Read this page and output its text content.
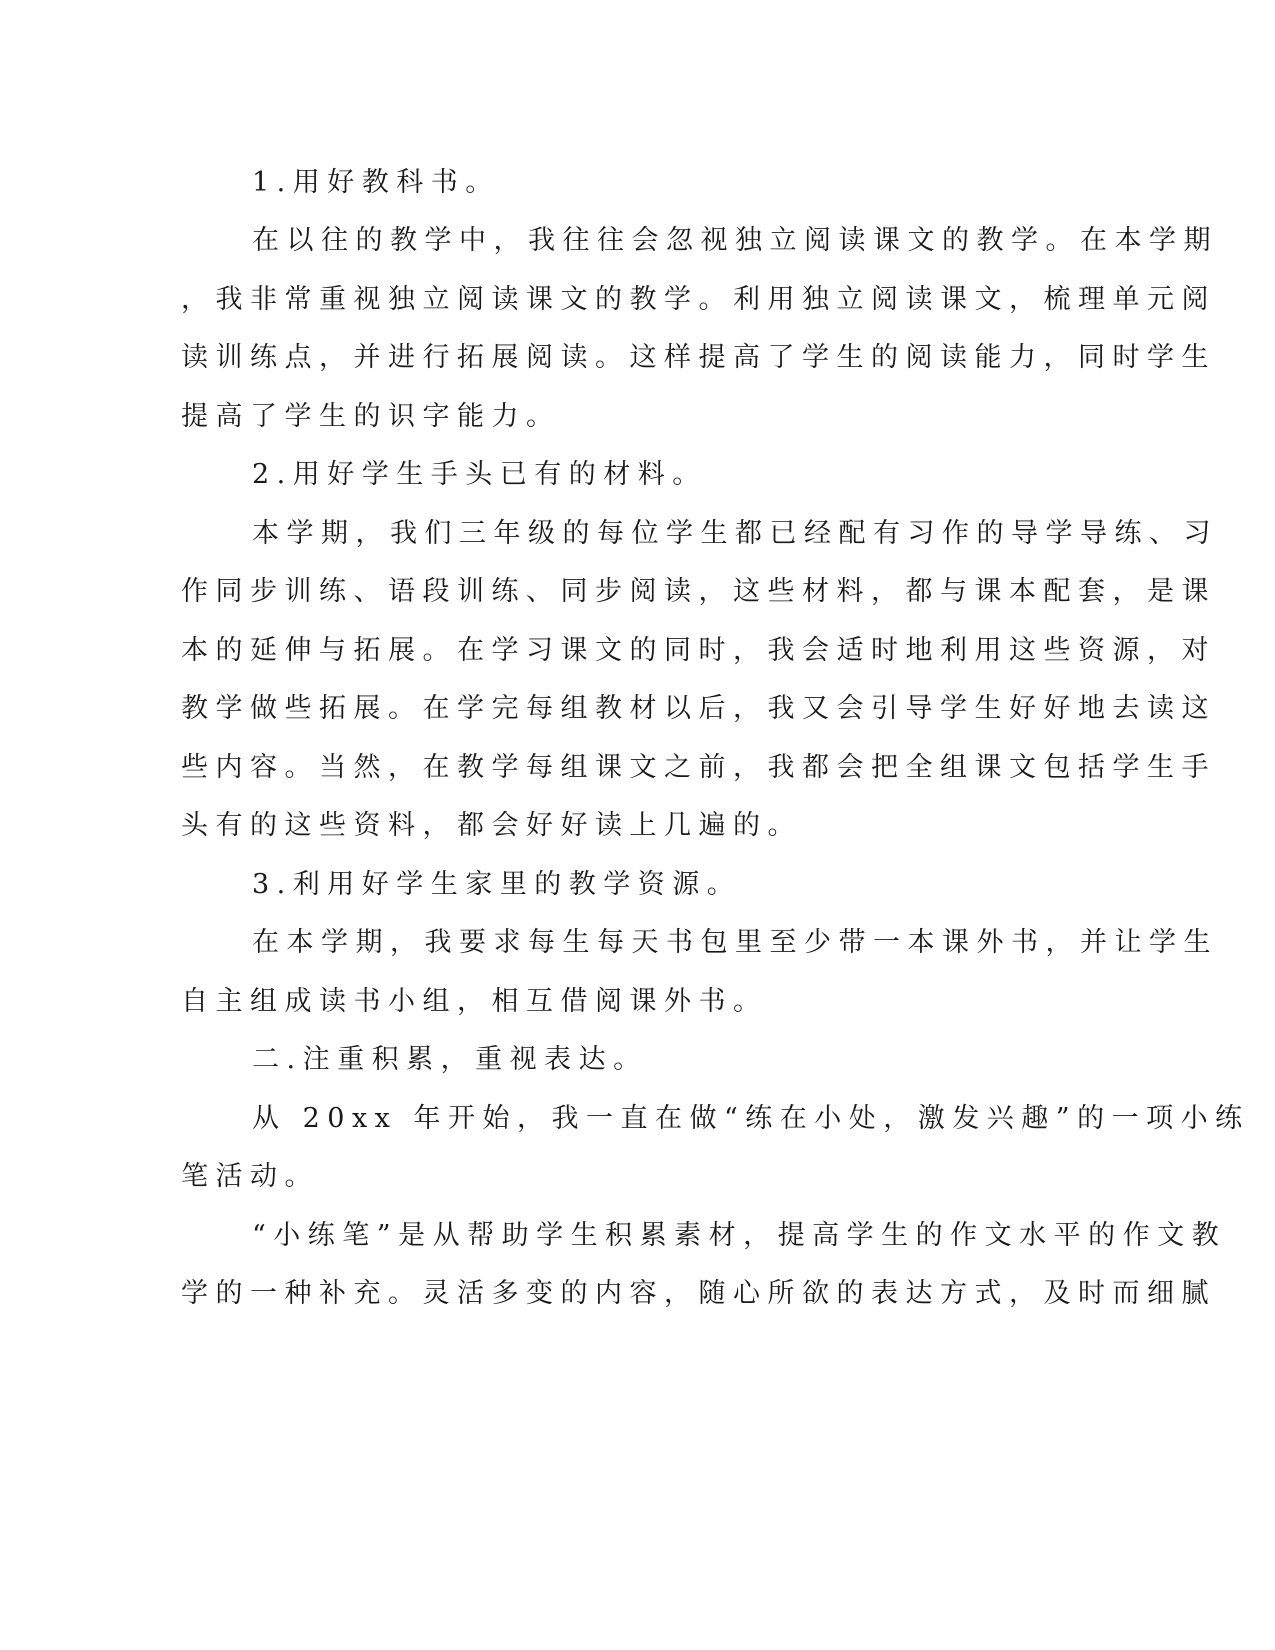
1.用好教科书。
在以往的教学中，我往往会忽视独立阅读课文的教学。在本学期
，我非常重视独立阅读课文的教学。利用独立阅读课文，梳理单元阅
读训练点，并进行拓展阅读。这样提高了学生的阅读能力，同时学生
提高了学生的识字能力。
2.用好学生手头已有的材料。
本学期，我们三年级的每位学生都已经配有习作的导学导练、习
作同步训练、语段训练、同步阅读，这些材料，都与课本配套，是课
本的延伸与拓展。在学习课文的同时，我会适时地利用这些资源，对
教学做些拓展。在学完每组教材以后，我又会引导学生好好地去读这
些内容。当然，在教学每组课文之前，我都会把全组课文包括学生手
头有的这些资料，都会好好读上几遍的。
3.利用好学生家里的教学资源。
在本学期，我要求每生每天书包里至少带一本课外书，并让学生
自主组成读书小组，相互借阅课外书。
二.注重积累，重视表达。
从 20xx 年开始，我一直在做“练在小处，激发兴趣”的一项小练
笔活动。
“小练笔”是从帮助学生积累素材，提高学生的作文水平的作文教
学的一种补充。灵活多变的内容，随心所欲的表达方式，及时而细腻
